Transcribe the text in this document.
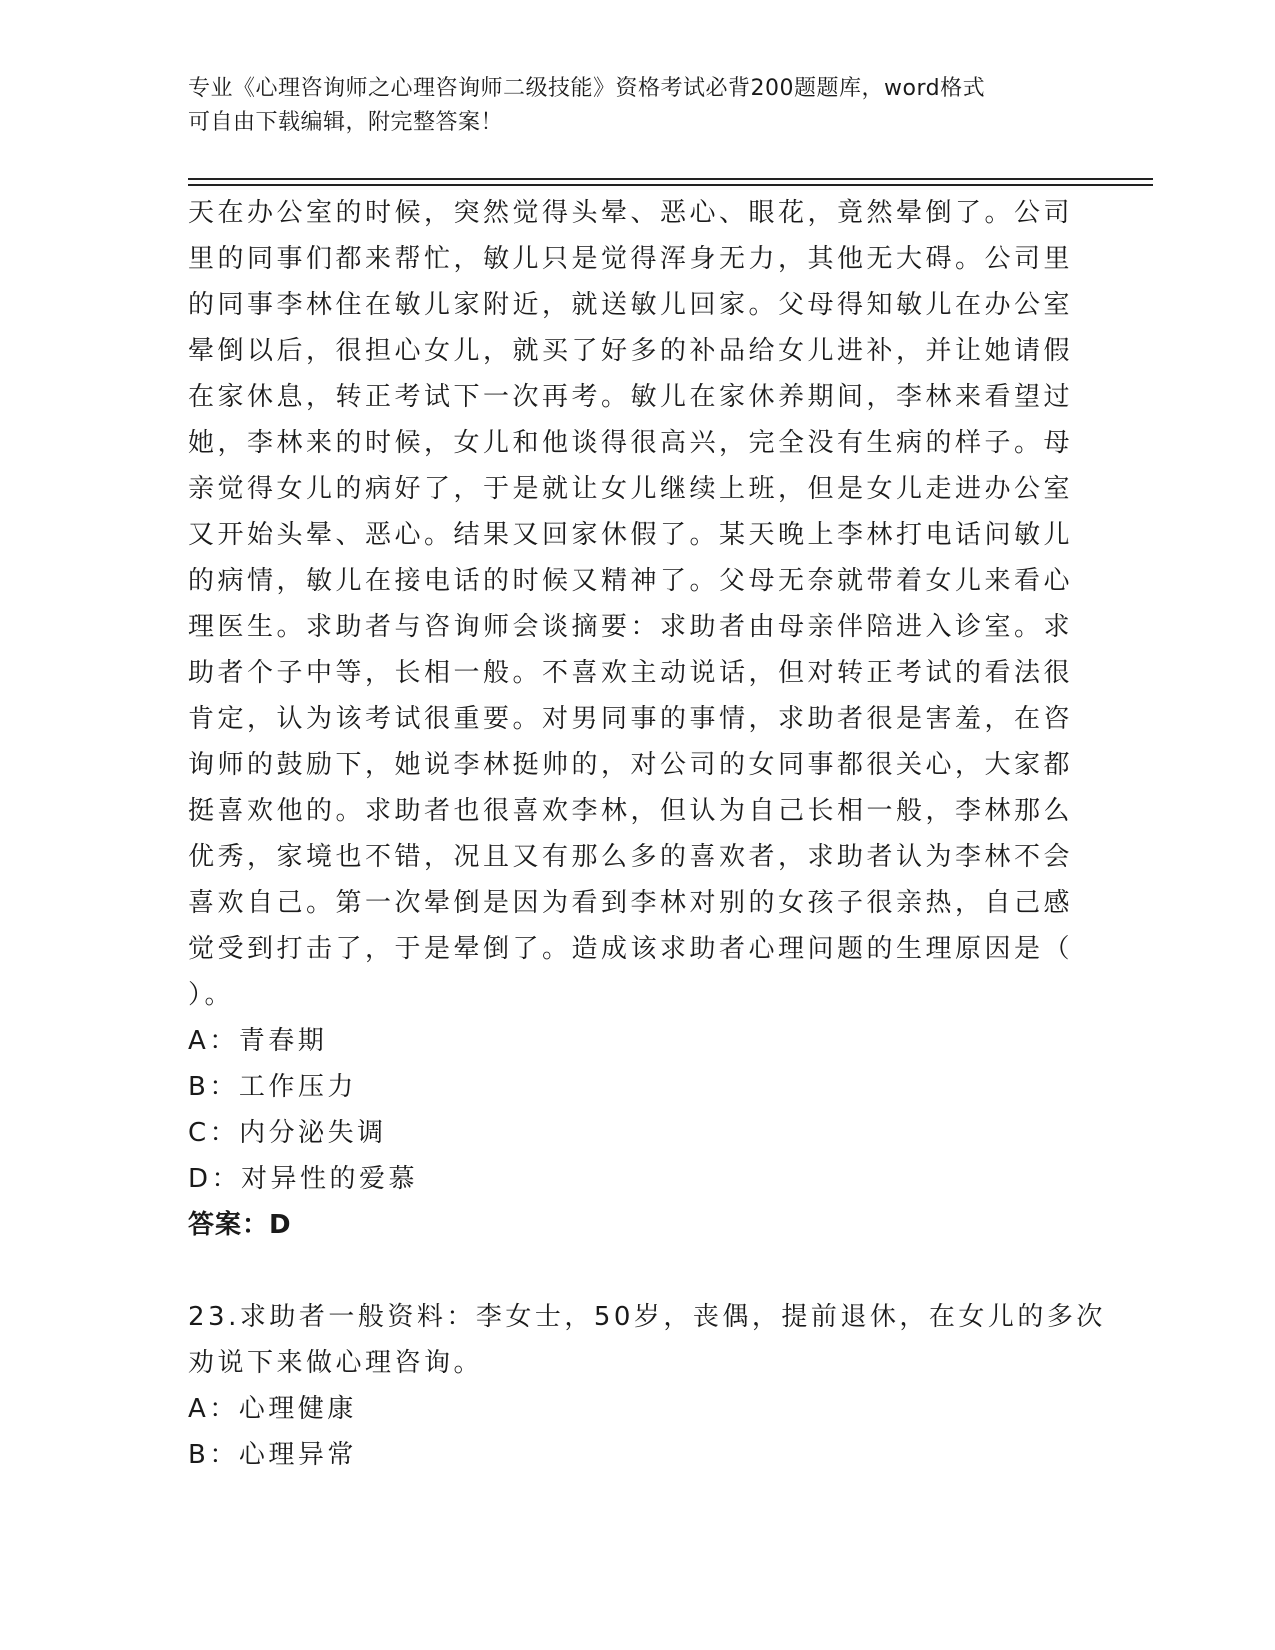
专业《心理咨询师之心理咨询师二级技能》资格考试必背200题题库，word格式
可自由下载编辑，附完整答案！
天在办公室的时候，突然觉得头晕、恶心、眼花，竟然晕倒了。公司
里的同事们都来帮忙，敏儿只是觉得浑身无力，其他无大碍。公司里
的同事李林住在敏儿家附近，就送敏儿回家。父母得知敏儿在办公室
晕倒以后，很担心女儿，就买了好多的补品给女儿进补，并让她请假
在家休息，转正考试下一次再考。敏儿在家休养期间，李林来看望过
她，李林来的时候，女儿和他谈得很高兴，完全没有生病的样子。母
亲觉得女儿的病好了，于是就让女儿继续上班，但是女儿走进办公室
又开始头晕、恶心。结果又回家休假了。某天晚上李林打电话问敏儿
的病情，敏儿在接电话的时候又精神了。父母无奈就带着女儿来看心
理医生。求助者与咨询师会谈摘要：求助者由母亲伴陪进入诊室。求
助者个子中等，长相一般。不喜欢主动说话，但对转正考试的看法很
肯定，认为该考试很重要。对男同事的事情，求助者很是害羞，在咨
询师的鼓励下，她说李林挺帅的，对公司的女同事都很关心，大家都
挺喜欢他的。求助者也很喜欢李林，但认为自己长相一般，李林那么
优秀，家境也不错，况且又有那么多的喜欢者，求助者认为李林不会
喜欢自己。第一次晕倒是因为看到李林对别的女孩子很亲热，自己感
觉受到打击了，于是晕倒了。造成该求助者心理问题的生理原因是（
）。
A：青春期
B：工作压力
C：内分泌失调
D：对异性的爱慕
答案：D
23.求助者一般资料：李女士，50岁，丧偶，提前退休，在女儿的多次
劝说下来做心理咨询。
A：心理健康
B：心理异常
